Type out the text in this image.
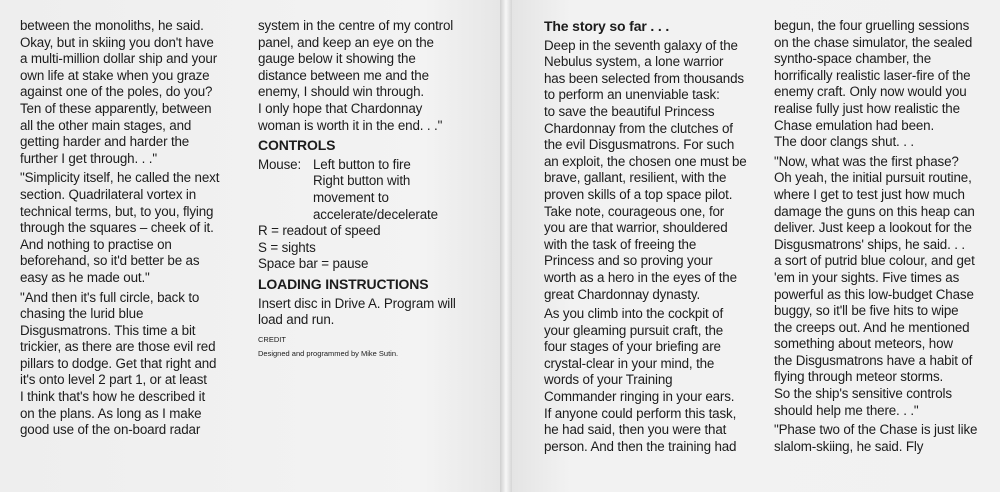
between the monoliths, he said.
Okay, but in skiing you don't have
a multi-million dollar ship and your
own life at stake when you graze
against one of the poles, do you?
Ten of these apparently, between
all the other main stages, and
getting harder and harder the
further I get through. . ."

"Simplicity itself, he called the next
section. Quadrilateral vortex in
technical terms, but, to you, flying
through the squares – cheek of it.
And nothing to practise on
beforehand, so it'd better be as
easy as he made out."

"And then it's full circle, back to
chasing the lurid blue
Disgusmatrons. This time a bit
trickier, as there are those evil red
pillars to dodge. Get that right and
it's onto level 2 part 1, or at least
I think that's how he described it
on the plans. As long as I make
good use of the on-board radar

system in the centre of my control
panel, and keep an eye on the
gauge below it showing the
distance between me and the
enemy, I should win through.
I only hope that Chardonnay
woman is worth it in the end. . ."

CONTROLS
Mouse: Left button to fire
Right button with
movement to
accelerate/decelerate
R = readout of speed
S = sights
Space bar = pause
LOADING INSTRUCTIONS

Insert disc in Drive A. Program will
load and run.

CREDIT
Designed and programmed by Mike Sutin.
The story so far . . .

Deep in the seventh galaxy of the
Nebulus system, a lone warrior
has been selected from thousands
to perform an unenviable task:
to save the beautiful Princess
Chardonnay from the clutches of
the evil Disgusmatrons. For such
an exploit, the chosen one must be
brave, gallant, resilient, with the
proven skills of a top space pilot.
Take note, courageous one, for
you are that warrior, shouldered
with the task of freeing the
Princess and so proving your
worth as a hero in the eyes of the
great Chardonnay dynasty.

As you climb into the cockpit of
your gleaming pursuit craft, the
four stages of your briefing are
crystal-clear in your mind, the
words of your Training
Commander ringing in your ears.
If anyone could perform this task,
he had said, then you were that
person. And then the training had

begun, the four gruelling sessions
on the chase simulator, the sealed
syntho-space chamber, the
horrifically realistic laser-fire of the
enemy craft. Only now would you
realise fully just how realistic the
Chase emulation had been.
The door clangs shut. . .

"Now, what was the first phase?
Oh yeah, the initial pursuit routine,
where I get to test just how much
damage the guns on this heap can
deliver. Just keep a lookout for the
Disgusmatrons' ships, he said. . .
a sort of putrid blue colour, and get
'em in your sights. Five times as
powerful as this low-budget Chase
buggy, so it'll be five hits to wipe
the creeps out. And he mentioned
something about meteors, how
the Disgusmatrons have a habit of
flying through meteor storms.
So the ship's sensitive controls
should help me there. . ."

"Phase two of the Chase is just like
slalom-skiing, he said. Fly
